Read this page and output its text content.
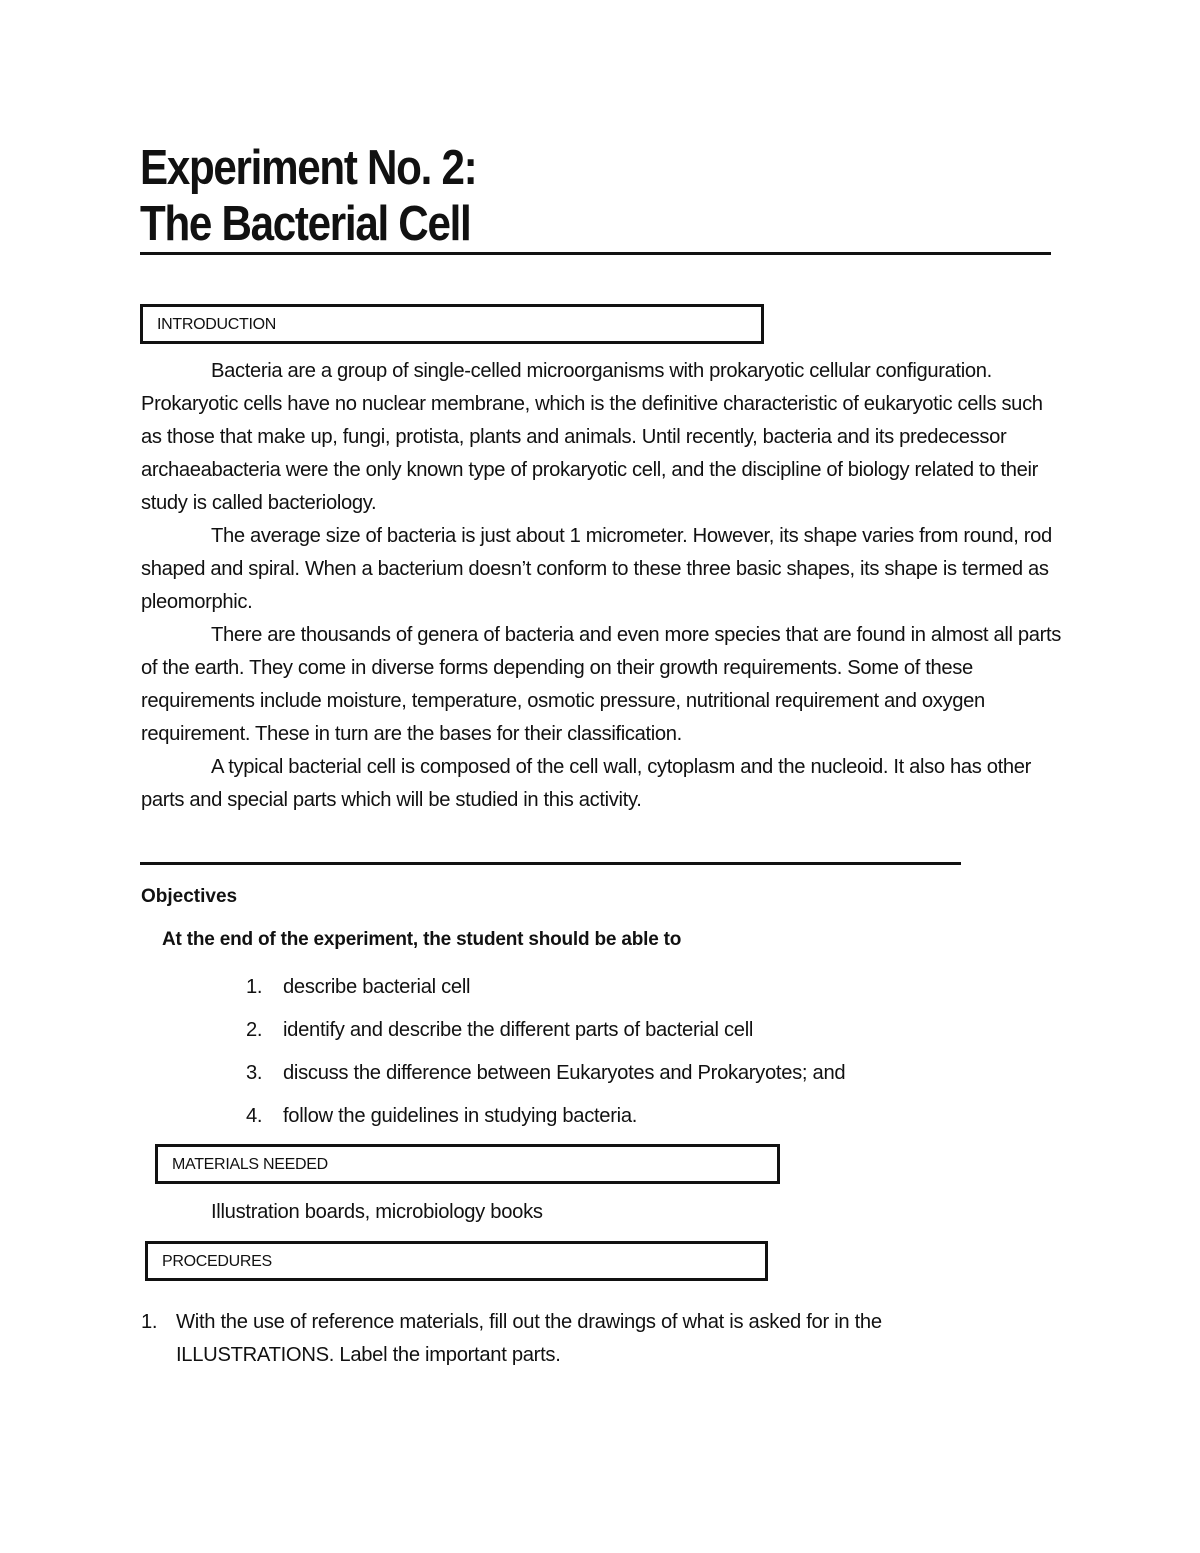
Experiment No. 2:
The Bacterial Cell
INTRODUCTION

Bacteria are a group of single-celled microorganisms with prokaryotic cellular configuration. Prokaryotic cells have no nuclear membrane, which is the definitive characteristic of eukaryotic cells such as those that make up, fungi, protista, plants and animals. Until recently, bacteria and its predecessor archaeabacteria were the only known type of prokaryotic cell, and the discipline of biology related to their study is called bacteriology.

The average size of bacteria is just about 1 micrometer. However, its shape varies from round, rod shaped and spiral. When a bacterium doesn’t conform to these three basic shapes, its shape is termed as pleomorphic.

There are thousands of genera of bacteria and even more species that are found in almost all parts of the earth. They come in diverse forms depending on their growth requirements. Some of these requirements include moisture, temperature, osmotic pressure, nutritional requirement and oxygen requirement. These in turn are the bases for their classification.

A typical bacterial cell is composed of the cell wall, cytoplasm and the nucleoid. It also has other parts and special parts which will be studied in this activity.

Objectives
At the end of the experiment, the student should be able to
1. describe bacterial cell
2. identify and describe the different parts of bacterial cell
3. discuss the difference between Eukaryotes and Prokaryotes; and
4. follow the guidelines in studying bacteria.
MATERIALS NEEDED
Illustration boards, microbiology books
PROCEDURES
1. With the use of reference materials, fill out the drawings of what is asked for in the ILLUSTRATIONS. Label the important parts.
